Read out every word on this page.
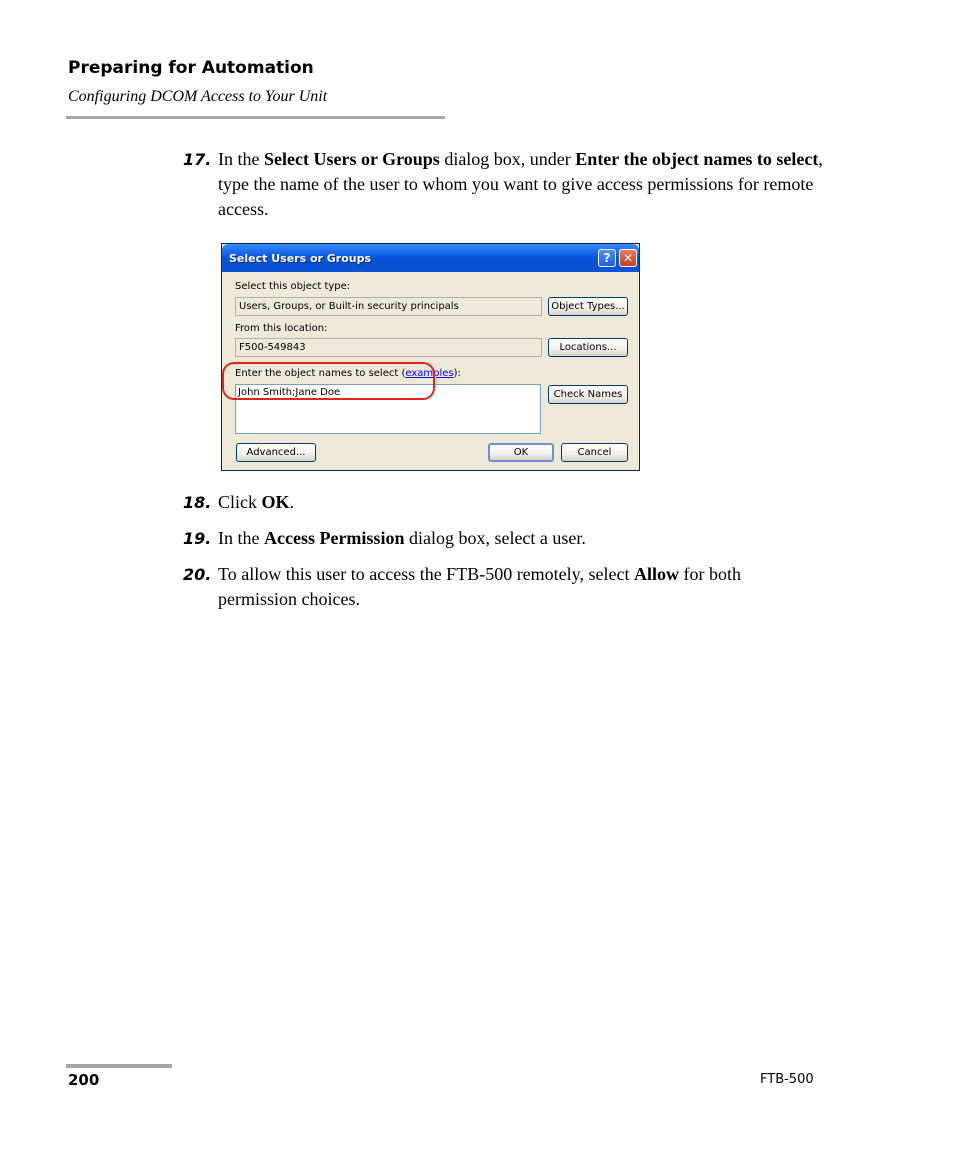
Preparing for Automation
Configuring DCOM Access to Your Unit
17. In the Select Users or Groups dialog box, under Enter the object names to select, type the name of the user to whom you want to give access permissions for remote access.
Select Users or Groups	?	✕
Select this object type:
Users, Groups, or Built-in security principals	Object Types...
From this location:
F500-549843	Locations...
Enter the object names to select (examples):
John Smith;Jane Doe	Check Names
Advanced...	OK	Cancel
18. Click OK.
19. In the Access Permission dialog box, select a user.
20. To allow this user to access the FTB-500 remotely, select Allow for both permission choices.
200	FTB-500
